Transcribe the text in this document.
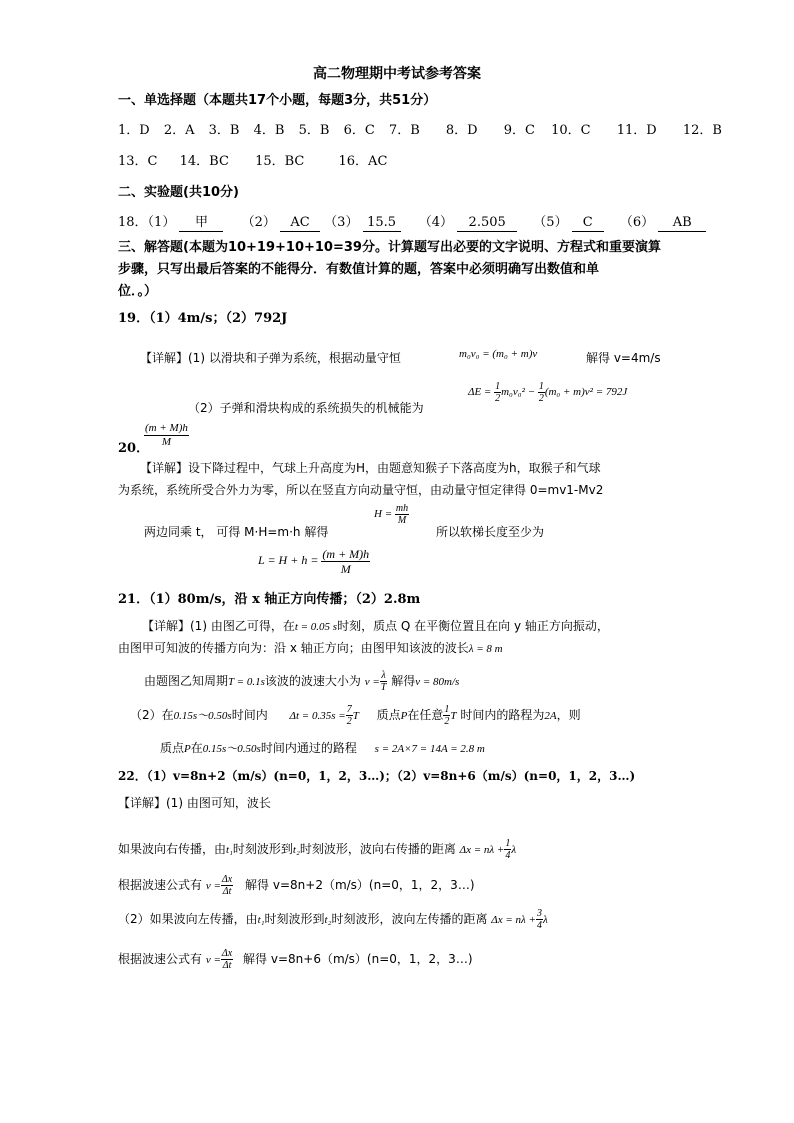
高二物理期中考试参考答案
一、单选择题（本题共17个小题，每题3分，共51分）
1．D 2．A 3．B 4．B 5．B 6．C 7．B 8．D 9．C 10．C 11．D 12．B
13．C 14．BC 15．BC	16．AC
二、实验题(共10分)
18．（1） 甲	（2） AC （3） 15.5 （4） 2.505 （5） C （6） AB
三、解答题(本题为10+19+10+10=39分。计算题写出必要的文字说明、方程式和重要演算
步骤，只写出最后答案的不能得分．有数值计算的题，答案中必须明确写出数值和单
位．。）
19．（1）4m/s；（2）792J
【详解】(1) 以滑块和子弹为系统，根据动量守恒	m₀v₀ = (m₀ + m)v	解得 v=4m/s
（2）子弹和滑块构成的系统损失的机械能为
$\Delta E = \frac{1}{2} m_0v_0^2 - \frac{1}{2} (m_0 + m)v^2 = 792J$
20．
$\frac{(m + M)h}{M}$
【详解】设下降过程中，气球上升高度为H，由题意知猴子下落高度为h，取猴子和气球
为系统，系统所受合外力为零，所以在竖直方向动量守恒，由动量守恒定律得 0=mv1-Mv2
两边同乘 t， 可得 M·H=m·h 解得
$H = \frac{mh}{M}$
所以软梯长度至少为
$L = H + h = \frac{(m + M)h}{M}$
21．（1）80m/s，沿 x 轴正方向传播；（2）2.8m
【详解】(1) 由图乙可得，在t = 0.05 s时刻，质点 Q 在平衡位置且在向 y 轴正方向振动，
由图甲可知波的传播方向为：沿 x 轴正方向；由图甲知该波的波长λ = 8 m
由题图乙知周期T = 0.1s该波的波速大小为 $v = \frac{\lambda}{T}$ 解得v = 80m/s
（2）在0.15s～0.50s时间内 $\Delta t = 0.35s = \frac{7}{2}$ T 质点P在任意 $\frac{1}{2}$ T 时间内的路程为2A，则
质点P在0.15s～0.50s时间内通过的路程 s = 2A×7 = 14A = 2.8 m
22．（1）v=8n+2（m/s）(n=0，1，2，3…)；（2）v=8n+6（m/s）(n=0，1，2，3…)
【详解】(1) 由图可知，波长
如果波向右传播，由t₁时刻波形到t₂时刻波形，波向右传播的距离 $\Delta x = n\lambda + \frac{1}{4}$ λ
根据波速公式有 $v = \frac{\Delta x}{\Delta t}$ 解得 v=8n+2（m/s）(n=0，1，2，3…)
（2）如果波向左传播，由t₁时刻波形到t₂时刻波形，波向左传播的距离 $\Delta x = n\lambda + \frac{3}{4}$ λ
根据波速公式有 $v = \frac{\Delta x}{\Delta t}$ 解得 v=8n+6（m/s）(n=0，1，2，3…)
